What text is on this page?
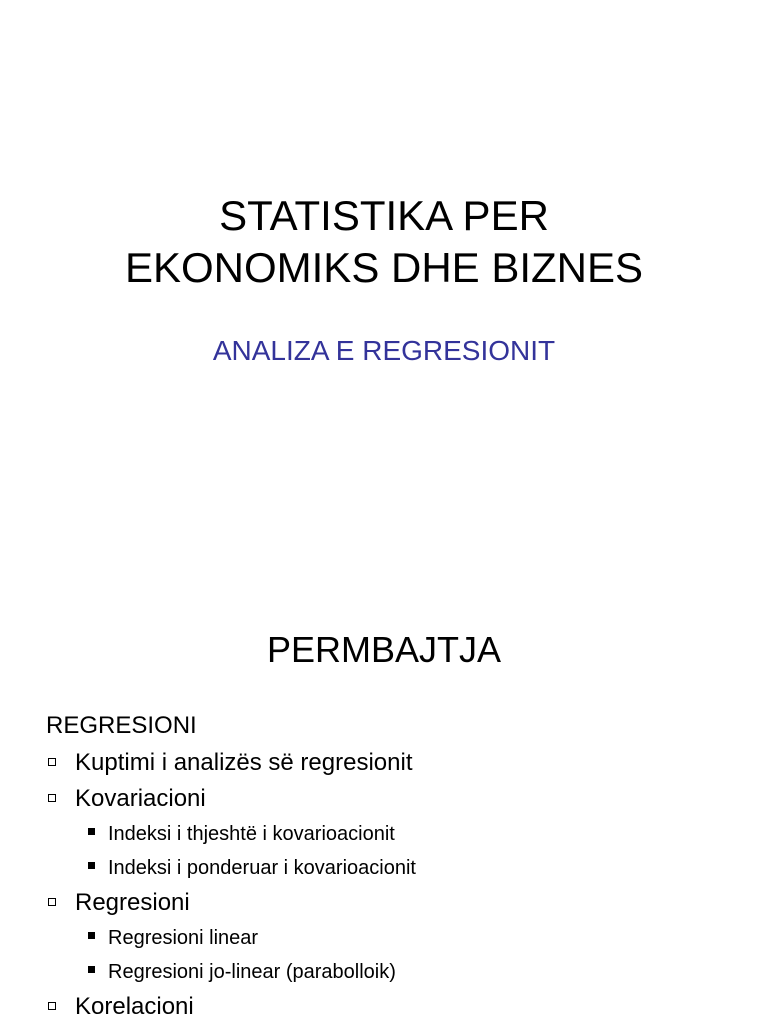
STATISTIKA PER
EKONOMIKS DHE BIZNES
ANALIZA E REGRESIONIT
PERMBAJTJA

REGRESIONI

Kuptimi i analizës së regresionit
Kovariacioni
Indeksi i thjeshtë i kovarioacionit
Indeksi i ponderuar i kovarioacionit
Regresioni
Regresioni linear
Regresioni jo-linear (parabolloik)
Korelacioni
